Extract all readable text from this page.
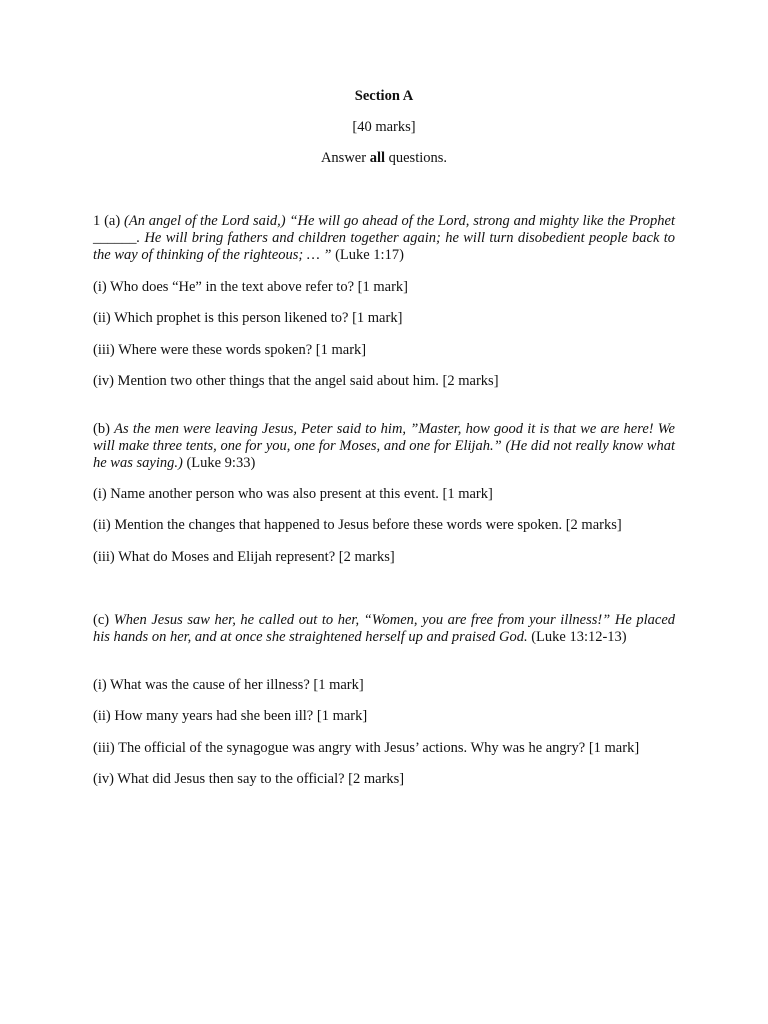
Section A
[40 marks]
Answer all questions.
1 (a) (An angel of the Lord said,) “He will go ahead of the Lord, strong and mighty like the Prophet ______. He will bring fathers and children together again; he will turn disobedient people back to the way of thinking of the righteous; … ” (Luke 1:17)
(i) Who does “He” in the text above refer to? [1 mark]
(ii) Which prophet is this person likened to? [1 mark]
(iii) Where were these words spoken? [1 mark]
(iv) Mention two other things that the angel said about him. [2 marks]
(b) As the men were leaving Jesus, Peter said to him, ”Master, how good it is that we are here! We will make three tents, one for you, one for Moses, and one for Elijah.” (He did not really know what he was saying.) (Luke 9:33)
(i) Name another person who was also present at this event. [1 mark]
(ii) Mention the changes that happened to Jesus before these words were spoken. [2 marks]
(iii) What do Moses and Elijah represent? [2 marks]
(c) When Jesus saw her, he called out to her, “Women, you are free from your illness!” He placed his hands on her, and at once she straightened herself up and praised God. (Luke 13:12-13)
(i) What was the cause of her illness? [1 mark]
(ii) How many years had she been ill? [1 mark]
(iii) The official of the synagogue was angry with Jesus’ actions. Why was he angry? [1 mark]
(iv) What did Jesus then say to the official? [2 marks]
